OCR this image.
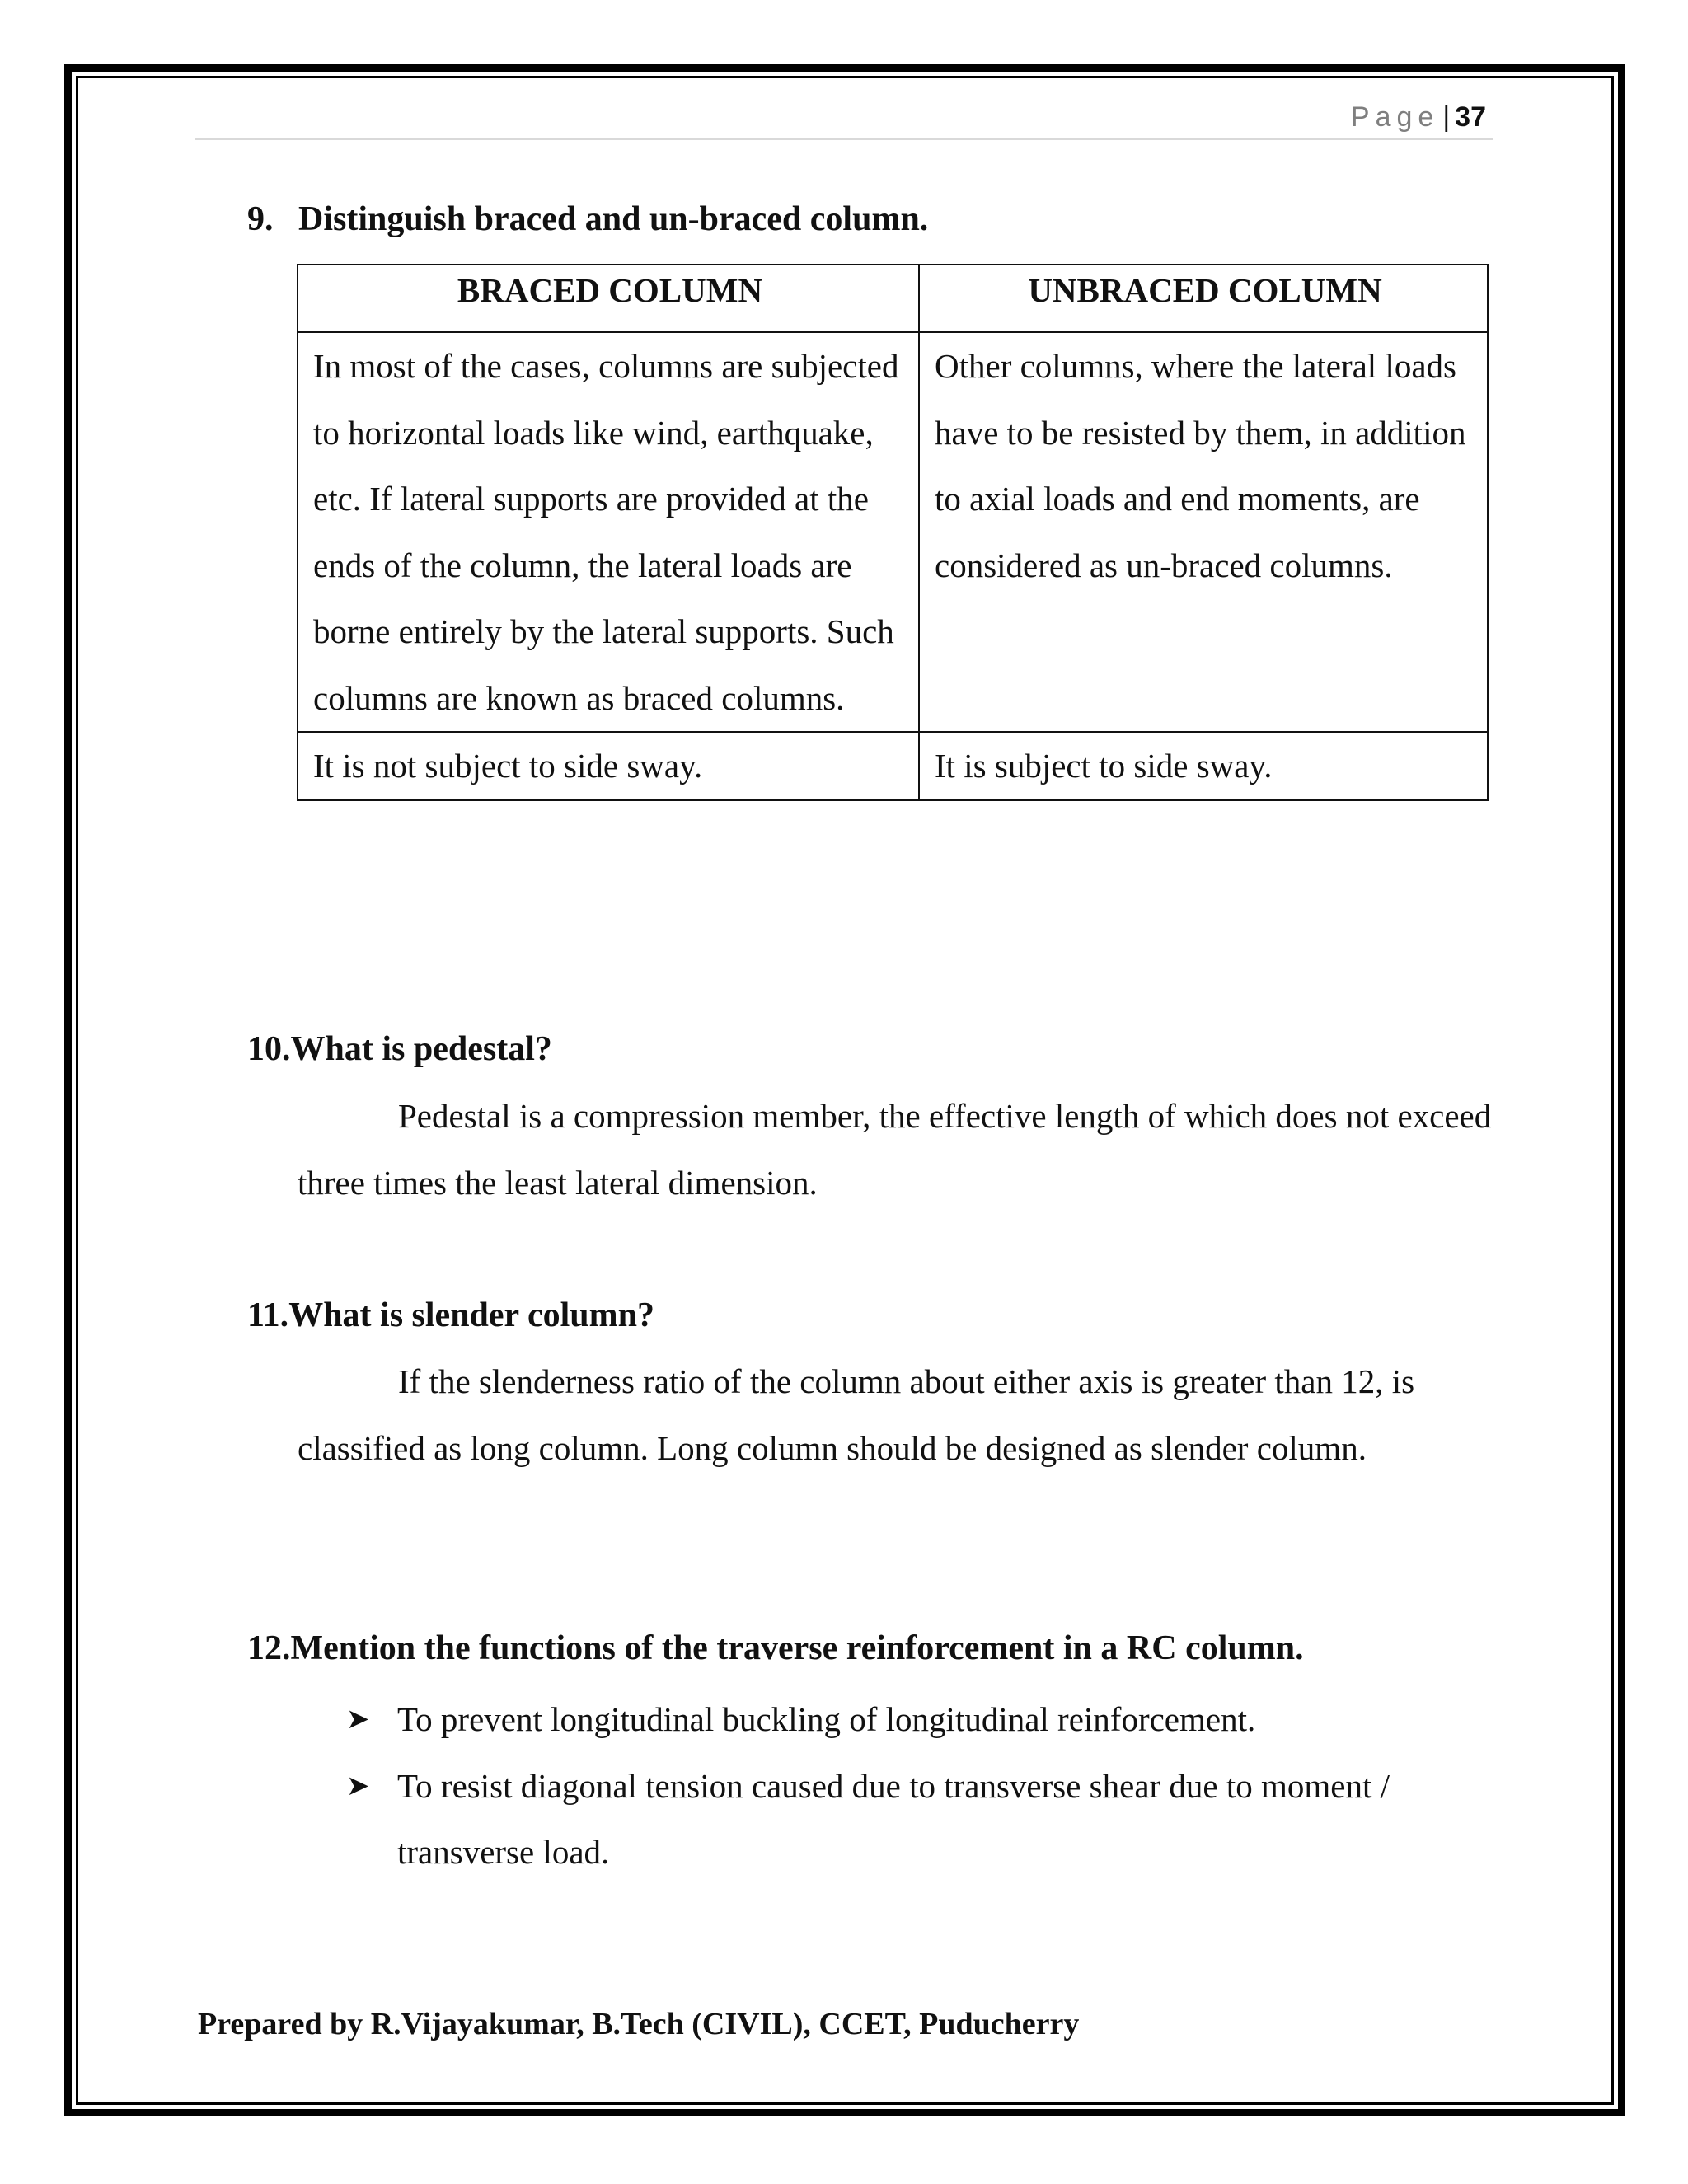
Page | 37
9. Distinguish braced and un-braced column.
BRACED COLUMN	UNBRACED COLUMN
In most of the cases, columns are subjected to horizontal loads like wind, earthquake, etc. If lateral supports are provided at the ends of the column, the lateral loads are borne entirely by the lateral supports. Such columns are known as braced columns.	Other columns, where the lateral loads have to be resisted by them, in addition to axial loads and end moments, are considered as un-braced columns.
It is not subject to side sway.	It is subject to side sway.
10.What is pedestal?

Pedestal is a compression member, the effective length of which does not exceed three times the least lateral dimension.

11.What is slender column?

If the slenderness ratio of the column about either axis is greater than 12, is classified as long column. Long column should be designed as slender column.

12.Mention the functions of the traverse reinforcement in a RC column.
➤ To prevent longitudinal buckling of longitudinal reinforcement.
➤ To resist diagonal tension caused due to transverse shear due to moment / transverse load.
Prepared by R.Vijayakumar, B.Tech (CIVIL), CCET, Puducherry
